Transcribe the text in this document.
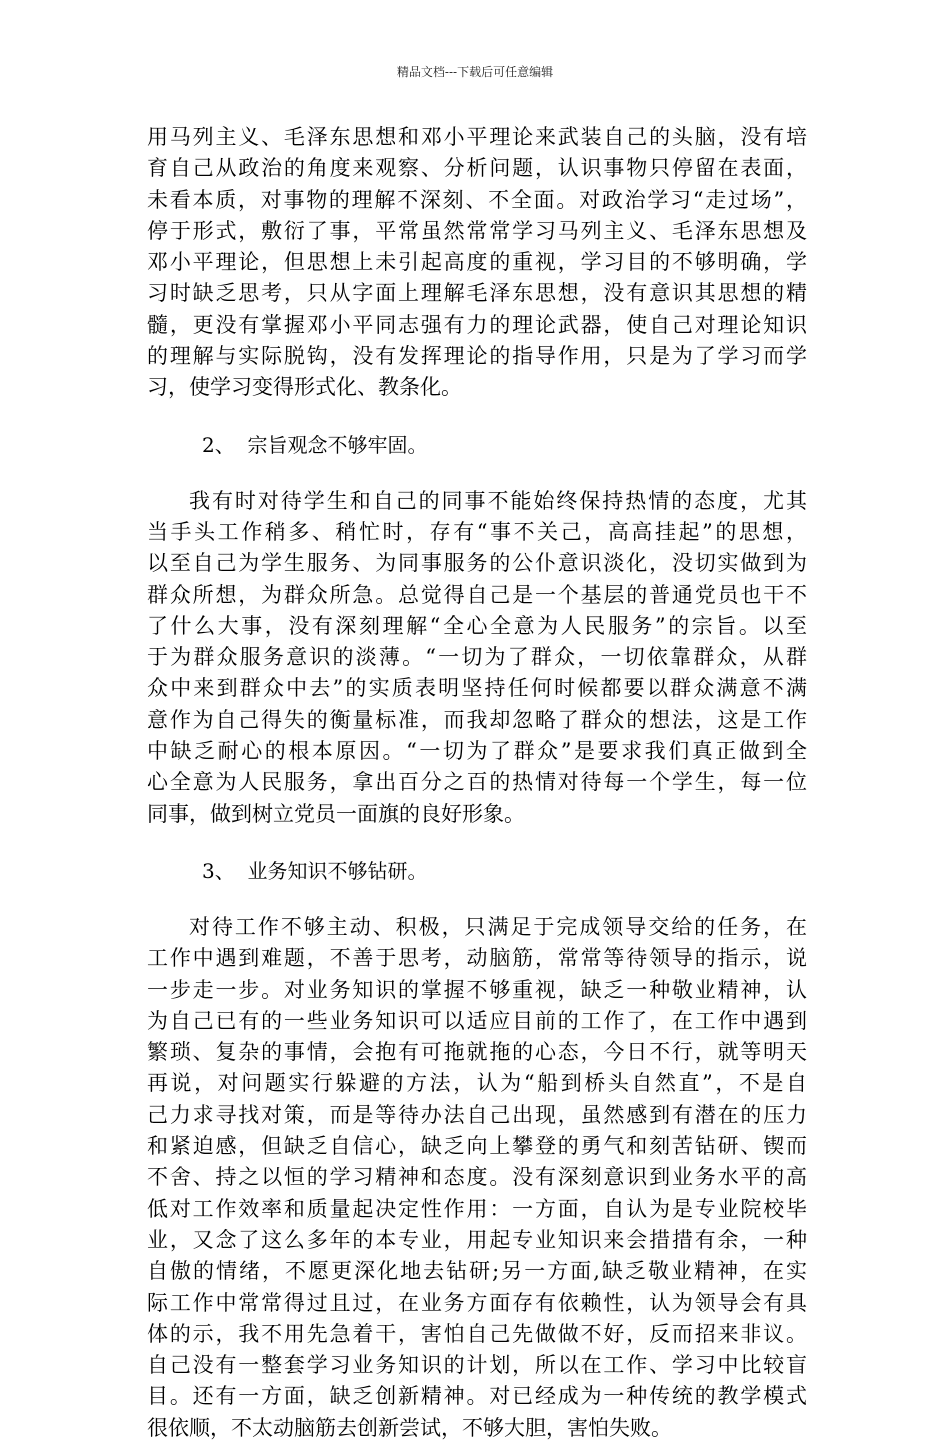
精品文档---下载后可任意编辑
用马列主义、毛泽东思想和邓小平理论来武装自己的头脑，没有培
育自己从政治的角度来观察、分析问题，认识事物只停留在表面，
未看本质，对事物的理解不深刻、不全面。对政治学习“走过场”，
停于形式，敷衍了事，平常虽然常常学习马列主义、毛泽东思想及
邓小平理论，但思想上未引起高度的重视，学习目的不够明确，学
习时缺乏思考，只从字面上理解毛泽东思想，没有意识其思想的精
髓，更没有掌握邓小平同志强有力的理论武器，使自己对理论知识
的理解与实际脱钩，没有发挥理论的指导作用，只是为了学习而学
习，使学习变得形式化、教条化。
2、  宗旨观念不够牢固。
我有时对待学生和自己的同事不能始终保持热情的态度，尤其
当手头工作稍多、稍忙时，存有“事不关己，高高挂起”的思想，
以至自己为学生服务、为同事服务的公仆意识淡化，没切实做到为
群众所想，为群众所急。总觉得自己是一个基层的普通党员也干不
了什么大事，没有深刻理解“全心全意为人民服务”的宗旨。以至
于为群众服务意识的淡薄。“一切为了群众，一切依靠群众，从群
众中来到群众中去”的实质表明坚持任何时候都要以群众满意不满
意作为自己得失的衡量标准，而我却忽略了群众的想法，这是工作
中缺乏耐心的根本原因。“一切为了群众”是要求我们真正做到全
心全意为人民服务，拿出百分之百的热情对待每一个学生，每一位
同事，做到树立党员一面旗的良好形象。
3、  业务知识不够钻研。
对待工作不够主动、积极，只满足于完成领导交给的任务，在
工作中遇到难题，不善于思考，动脑筋，常常等待领导的指示，说
一步走一步。对业务知识的掌握不够重视，缺乏一种敬业精神，认
为自己已有的一些业务知识可以适应目前的工作了，在工作中遇到
繁琐、复杂的事情，会抱有可拖就拖的心态，今日不行，就等明天
再说，对问题实行躲避的方法，认为“船到桥头自然直”，不是自
己力求寻找对策，而是等待办法自己出现，虽然感到有潜在的压力
和紧迫感，但缺乏自信心，缺乏向上攀登的勇气和刻苦钻研、锲而
不舍、持之以恒的学习精神和态度。没有深刻意识到业务水平的高
低对工作效率和质量起决定性作用：一方面，自认为是专业院校毕
业，又念了这么多年的本专业，用起专业知识来会措措有余，一种
自傲的情绪，不愿更深化地去钻研;另一方面,缺乏敬业精神，在实
际工作中常常得过且过，在业务方面存有依赖性，认为领导会有具
体的示，我不用先急着干，害怕自己先做做不好，反而招来非议。
自己没有一整套学习业务知识的计划，所以在工作、学习中比较盲
目。还有一方面，缺乏创新精神。对已经成为一种传统的教学模式
很依顺，不太动脑筋去创新尝试，不够大胆，害怕失败。
